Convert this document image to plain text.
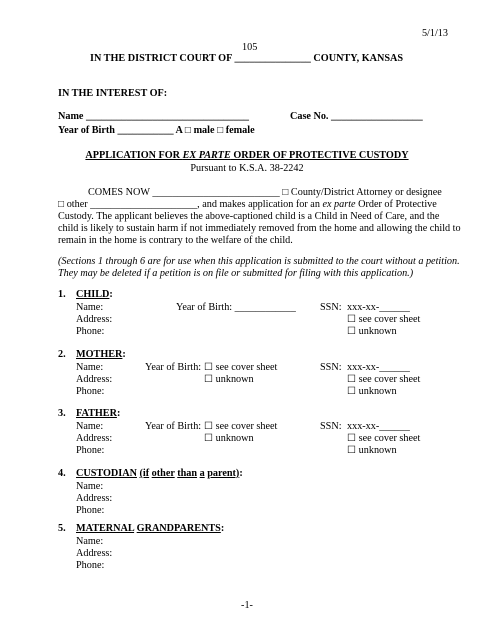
5/1/13
105
IN THE DISTRICT COURT OF _______________ COUNTY, KANSAS
IN THE INTEREST OF:
Name ________________________________	Case No. __________________
Year of Birth ___________ A □ male □ female
APPLICATION FOR EX PARTE ORDER OF PROTECTIVE CUSTODY
Pursuant to K.S.A. 38-2242
COMES NOW _________________________ □ County/District Attorney or designee
□ other _____________________, and makes application for an ex parte Order of Protective
Custody. The applicant believes the above-captioned child is a Child in Need of Care, and the
child is likely to sustain harm if not immediately removed from the home and allowing the child to
remain in the home is contrary to the welfare of the child.
(Sections 1 through 6 are for use when this application is submitted to the court without a petition.
They may be deleted if a petition is on file or submitted for filing with this application.)
1. CHILD:
Name:
Address:
Phone:
Year of Birth: ____________ SSN: xxx-xx-______
☐ see cover sheet
☐ unknown
2. MOTHER:
Name:
Address:
Phone:
Year of Birth: ☐ see cover sheet
☐ unknown
SSN: xxx-xx-______
☐ see cover sheet
☐ unknown
3. FATHER:
Name:
Address:
Phone:
Year of Birth: ☐ see cover sheet
☐ unknown
SSN: xxx-xx-______
☐ see cover sheet
☐ unknown
4. CUSTODIAN (if other than a parent):
Name:
Address:
Phone:
5. MATERNAL GRANDPARENTS:
Name:
Address:
Phone:
-1-
